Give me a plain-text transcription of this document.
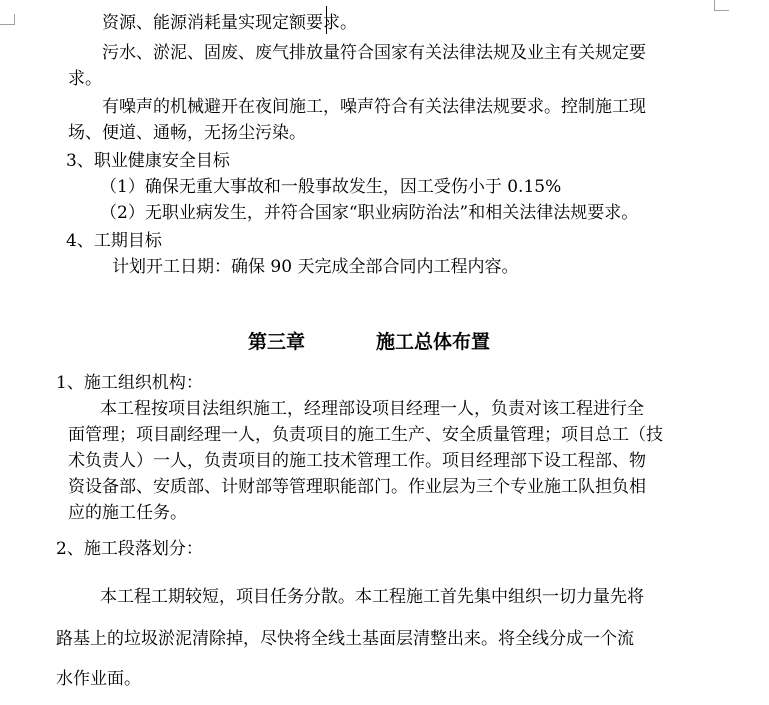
资源、能源消耗量实现定额要求。
污水、淤泥、固废、废气排放量符合国家有关法律法规及业主有关规定要
求。
有噪声的机械避开在夜间施工，噪声符合有关法律法规要求。控制施工现
场、便道、通畅，无扬尘污染。
3、职业健康安全目标
（1）确保无重大事故和一般事故发生，因工受伤小于 0.15%
（2）无职业病发生，并符合国家“职业病防治法”和相关法律法规要求。
4、工期目标
计划开工日期：确保 90 天完成全部合同内工程内容。
第三章	施工总体布置
1、施工组织机构：
本工程按项目法组织施工，经理部设项目经理一人，负责对该工程进行全
面管理；项目副经理一人，负责项目的施工生产、安全质量管理；项目总工（技
术负责人）一人，负责项目的施工技术管理工作。项目经理部下设工程部、物
资设备部、安质部、计财部等管理职能部门。作业层为三个专业施工队担负相
应的施工任务。
2、施工段落划分：
本工程工期较短，项目任务分散。本工程施工首先集中组织一切力量先将
路基上的垃圾淤泥清除掉，尽快将全线土基面层清整出来。将全线分成一个流
水作业面。
